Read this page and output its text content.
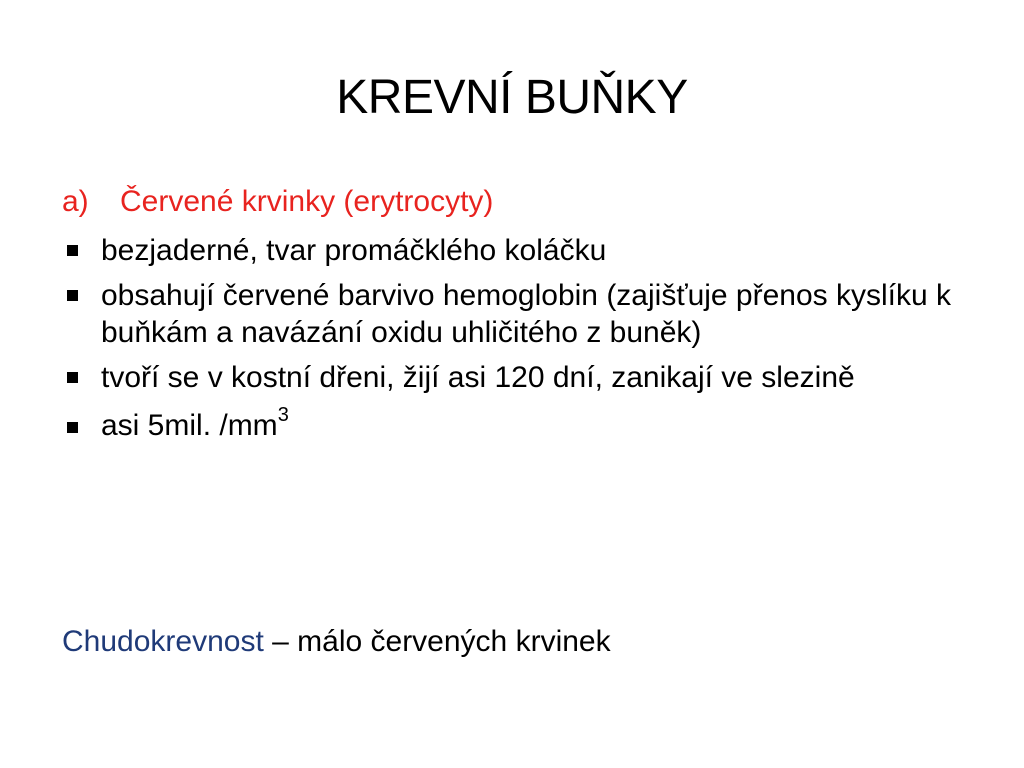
KREVNÍ BUŇKY
a) Červené krvinky (erytrocyty)
bezjaderné, tvar promáčklého koláčku
obsahují červené barvivo hemoglobin (zajišťuje přenos kyslíku k buňkám a navázání oxidu uhličitého z buněk)
tvoří se v kostní dřeni, žijí asi 120 dní, zanikají ve slezině
asi 5mil. $/mm^3$
Chudokrevnost – málo červených krvinek
